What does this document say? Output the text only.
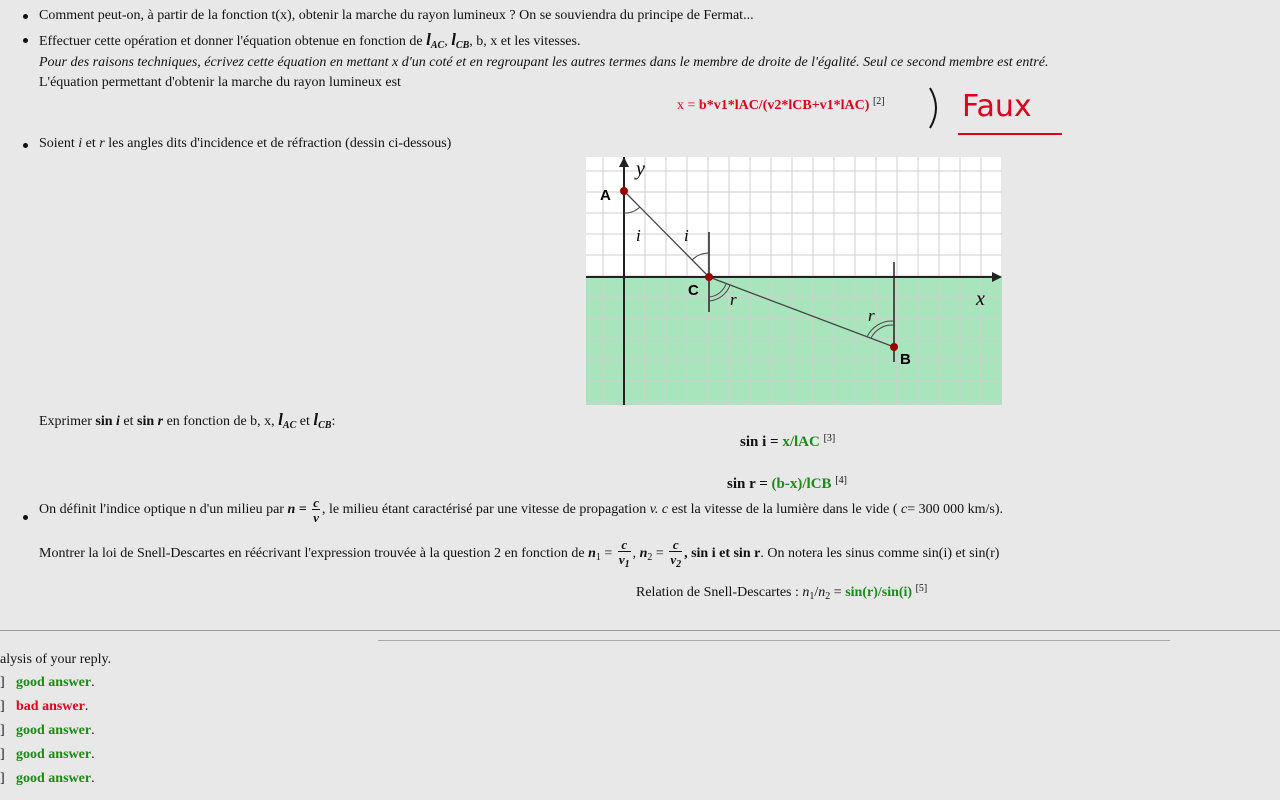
Comment peut-on, à partir de la fonction t(x), obtenir la marche du rayon lumineux ? On se souviendra du principe de Fermat...
Effectuer cette opération et donner l'équation obtenue en fonction de $l_{AC}$, $l_{CB}$, b, x et les vitesses.
Pour des raisons techniques, écrivez cette équation en mettant x d'un coté et en regroupant les autres termes dans le membre de droite de l'égalité. Seul ce second membre est entré.
L'équation permettant d'obtenir la marche du rayon lumineux est
x = b*v1*lAC/(v2*lCB+v1*lAC) [2]	Faux
Soient i et r les angles dits d'incidence et de réfraction (dessin ci-dessous)
A
C
B
y
x
i	i
r
r
Exprimer sin i et sin r en fonction de b, x, $l_{AC}$ et $l_{CB}$:
sin i = x/lAC [3]
sin r = (b-x)/lCB [4]
On définit l'indice optique n d'un milieu par $n = \frac{c}{v}$ , le milieu étant caractérisé par une vitesse de propagation v. c est la vitesse de la lumière dans le vide ( c= 300 000 km/s).
Montrer la loi de Snell-Descartes en réécrivant l'expression trouvée à la question 2 en fonction de $n_1 = \frac{c}{v_1}$ , $n_2 = \frac{c}{v_2}$ , sin i et sin r. On notera les sinus comme sin(i) et sin(r)
Relation de Snell-Descartes : $n_1/n_2 = \sin(r)/\sin(i)$ [5]
alysis of your reply.
] good answer.
] bad answer.
] good answer.
] good answer.
] good answer.
